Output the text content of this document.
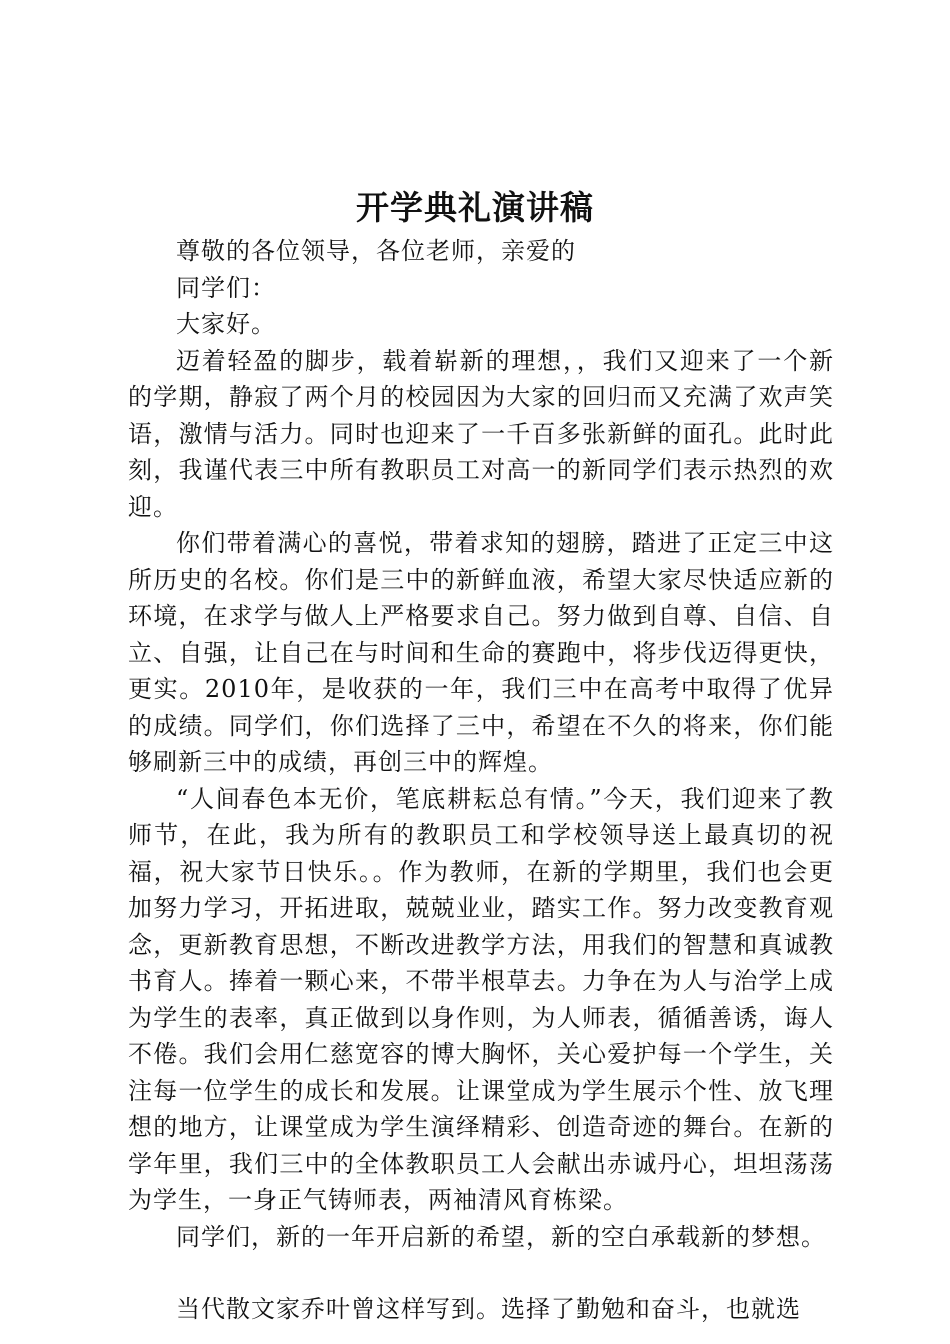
开学典礼演讲稿

尊敬的各位领导，各位老师，亲爱的

同学们：

大家好。

迈着轻盈的脚步，载着崭新的理想，，我们又迎来了一个新的学期，静寂了两个月的校园因为大家的回归而又充满了欢声笑语，激情与活力。同时也迎来了一千百多张新鲜的面孔。此时此刻，我谨代表三中所有教职员工对高一的新同学们表示热烈的欢迎。

你们带着满心的喜悦，带着求知的翅膀，踏进了正定三中这所历史的名校。你们是三中的新鲜血液，希望大家尽快适应新的环境，在求学与做人上严格要求自己。努力做到自尊、自信、自立、自强，让自己在与时间和生命的赛跑中，将步伐迈得更快，更实。2010年，是收获的一年，我们三中在高考中取得了优异的成绩。同学们，你们选择了三中，希望在不久的将来，你们能够刷新三中的成绩，再创三中的辉煌。

“人间春色本无价，笔底耕耘总有情。”今天，我们迎来了教师节，在此，我为所有的教职员工和学校领导送上最真切的祝福，祝大家节日快乐。。作为教师，在新的学期里，我们也会更加努力学习，开拓进取，兢兢业业，踏实工作。努力改变教育观念，更新教育思想，不断改进教学方法，用我们的智慧和真诚教书育人。捧着一颗心来，不带半根草去。力争在为人与治学上成为学生的表率，真正做到以身作则，为人师表，循循善诱，诲人不倦。我们会用仁慈宽容的博大胸怀，关心爱护每一个学生，关注每一位学生的成长和发展。让课堂成为学生展示个性、放飞理想的地方，让课堂成为学生演绎精彩、创造奇迹的舞台。在新的学年里，我们三中的全体教职员工人会献出赤诚丹心，坦坦荡荡为学生，一身正气铸师表，两袖清风育栋梁。

同学们，新的一年开启新的希望，新的空白承载新的梦想。

当代散文家乔叶曾这样写到。选择了勤勉和奋斗，也就选
